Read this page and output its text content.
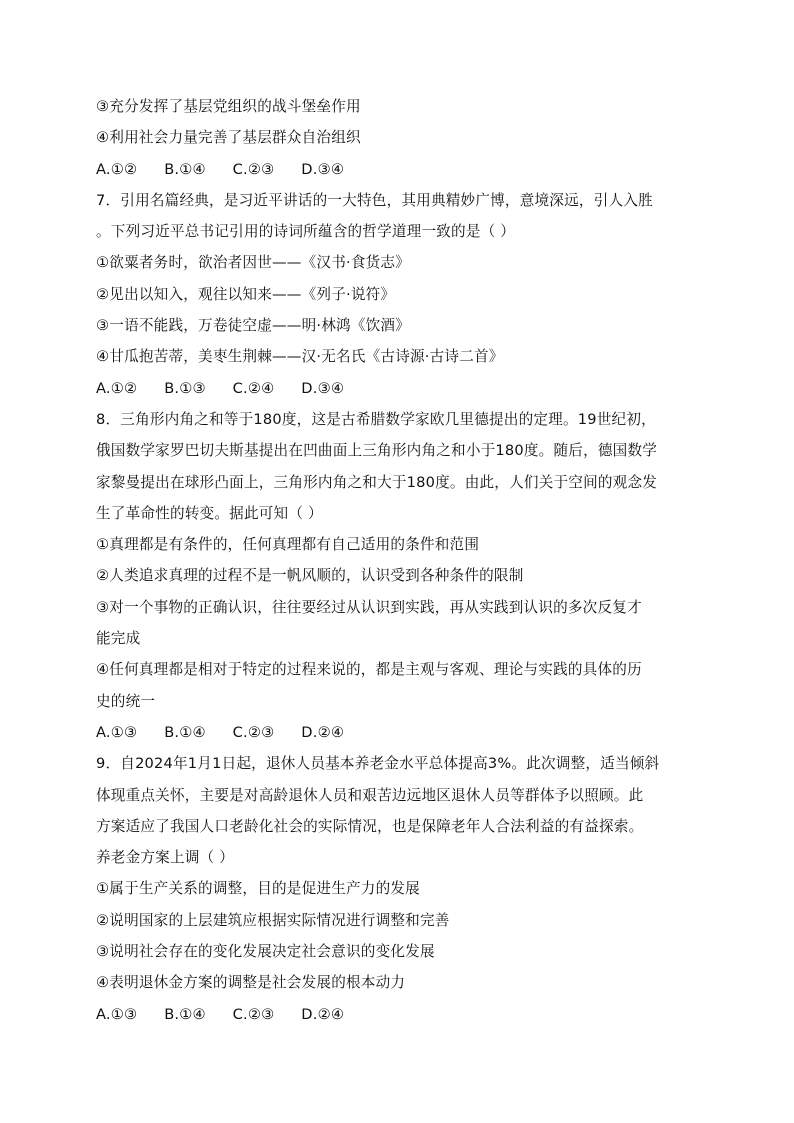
③充分发挥了基层党组织的战斗堡垒作用
④利用社会力量完善了基层群众自治组织
A.①② B.①④ C.②③ D.③④
7．引用名篇经典，是习近平讲话的一大特色，其用典精妙广博，意境深远，引人入胜
。下列习近平总书记引用的诗词所蕴含的哲学道理一致的是（ ）
①欲粟者务时，欲治者因世——《汉书·食货志》
②见出以知入，观往以知来——《列子·说符》
③一语不能践，万卷徒空虚——明·林鸿《饮酒》
④甘瓜抱苦蒂，美枣生荆棘——汉·无名氏《古诗源·古诗二首》
A.①② B.①③ C.②④ D.③④
8．三角形内角之和等于180度，这是古希腊数学家欧几里德提出的定理。19世纪初，
俄国数学家罗巴切夫斯基提出在凹曲面上三角形内角之和小于180度。随后，德国数学
家黎曼提出在球形凸面上，三角形内角之和大于180度。由此，人们关于空间的观念发
生了革命性的转变。据此可知（ ）
①真理都是有条件的，任何真理都有自己适用的条件和范围
②人类追求真理的过程不是一帆风顺的，认识受到各种条件的限制
③对一个事物的正确认识，往往要经过从认识到实践，再从实践到认识的多次反复才
能完成
④任何真理都是相对于特定的过程来说的，都是主观与客观、理论与实践的具体的历
史的统一
A.①③ B.①④ C.②③ D.②④
9．自2024年1月1日起，退休人员基本养老金水平总体提高3%。此次调整，适当倾斜
体现重点关怀，主要是对高龄退休人员和艰苦边远地区退休人员等群体予以照顾。此
方案适应了我国人口老龄化社会的实际情况，也是保障老年人合法利益的有益探索。
养老金方案上调（ ）
①属于生产关系的调整，目的是促进生产力的发展
②说明国家的上层建筑应根据实际情况进行调整和完善
③说明社会存在的变化发展决定社会意识的变化发展
④表明退休金方案的调整是社会发展的根本动力
A.①③ B.①④ C.②③ D.②④
